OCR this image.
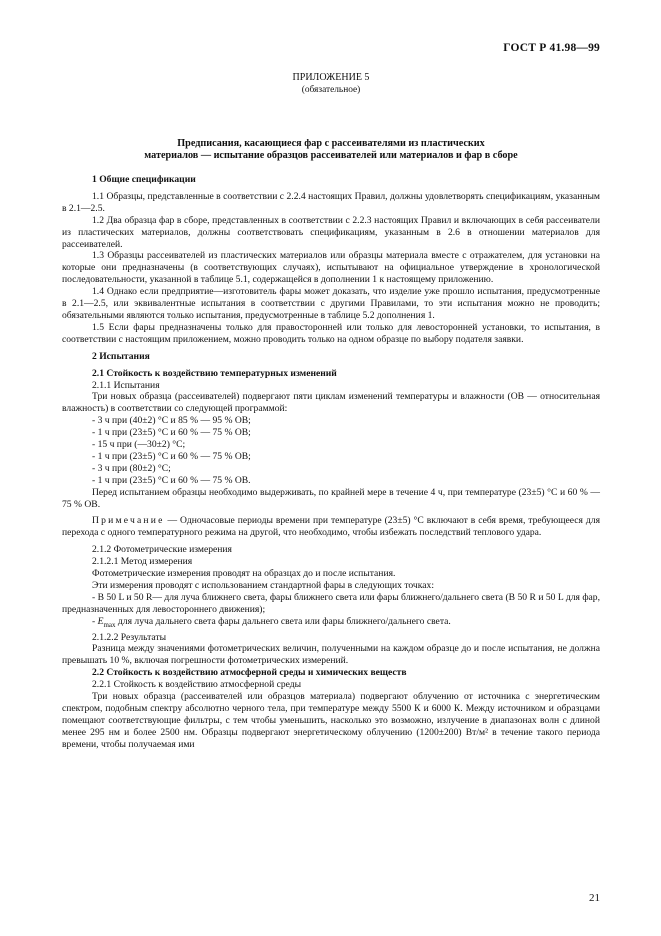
ГОСТ Р 41.98—99
ПРИЛОЖЕНИЕ 5
(обязательное)
Предписания, касающиеся фар с рассеивателями из пластических
материалов — испытание образцов рассеивателей или материалов и фар в сборе

1 Общие спецификации

1.1 Образцы, представленные в соответствии с 2.2.4 настоящих Правил, должны удовлетворять спецификациям, указанным в 2.1—2.5.

1.2 Два образца фар в сборе, представленных в соответствии с 2.2.3 настоящих Правил и включающих в себя рассеиватели из пластических материалов, должны соответствовать спецификациям, указанным в 2.6 в отношении материалов для рассеивателей.

1.3 Образцы рассеивателей из пластических материалов или образцы материала вместе с отражателем, для установки на которые они предназначены (в соответствующих случаях), испытывают на официальное утверждение в хронологической последовательности, указанной в таблице 5.1, содержащейся в дополнении 1 к настоящему приложению.

1.4 Однако если предприятие—изготовитель фары может доказать, что изделие уже прошло испытания, предусмотренные в 2.1—2.5, или эквивалентные испытания в соответствии с другими Правилами, то эти испытания можно не проводить; обязательными являются только испытания, предусмотренные в таблице 5.2 дополнения 1.

1.5 Если фары предназначены только для правосторонней или только для левосторонней установки, то испытания, в соответствии с настоящим приложением, можно проводить только на одном образце по выбору подателя заявки.

2 Испытания

2.1 Стойкость к воздействию температурных изменений

2.1.1 Испытания

Три новых образца (рассеивателей) подвергают пяти циклам изменений температуры и влажности (ОВ — относительная влажность) в соответствии со следующей программой:

- 3 ч при (40±2) °С и 85 % — 95 % ОВ;

- 1 ч при (23±5) °С и 60 % — 75 % ОВ;

- 15 ч при (—30±2) °С;

- 1 ч при (23±5) °С и 60 % — 75 % ОВ;

- 3 ч при (80±2) °С;

- 1 ч при (23±5) °С и 60 % — 75 % ОВ.

Перед испытанием образцы необходимо выдерживать, по крайней мере в течение 4 ч, при температуре (23±5) °С и 60 % — 75 % ОВ.

Примечание — Одночасовые периоды времени при температуре (23±5) °С включают в себя время, требующееся для перехода с одного температурного режима на другой, что необходимо, чтобы избежать последствий теплового удара.

2.1.2 Фотометрические измерения

2.1.2.1 Метод измерения

Фотометрические измерения проводят на образцах до и после испытания.

Эти измерения проводят с использованием стандартной фары в следующих точках:

- В 50 L и 50 R— для луча ближнего света, фары ближнего света или фары ближнего/дальнего света (В 50 R и 50 L для фар, предназначенных для левостороннего движения);

- $E_{max}$ для луча дальнего света фары дальнего света или фары ближнего/дальнего света.

2.1.2.2 Результаты

Разница между значениями фотометрических величин, полученными на каждом образце до и после испытания, не должна превышать 10 %, включая погрешности фотометрических измерений.

2.2 Стойкость к воздействию атмосферной среды и химических веществ

2.2.1 Стойкость к воздействию атмосферной среды

Три новых образца (рассеивателей или образцов материала) подвергают облучению от источника с энергетическим спектром, подобным спектру абсолютно черного тела, при температуре между 5500 К и 6000 К. Между источником и образцами помещают соответствующие фильтры, с тем чтобы уменьшить, насколько это возможно, излучение в диапазонах волн с длиной менее 295 нм и более 2500 нм. Образцы подвергают энергетическому облучению (1200±200) Вт/м² в течение такого периода времени, чтобы получаемая ими

21
